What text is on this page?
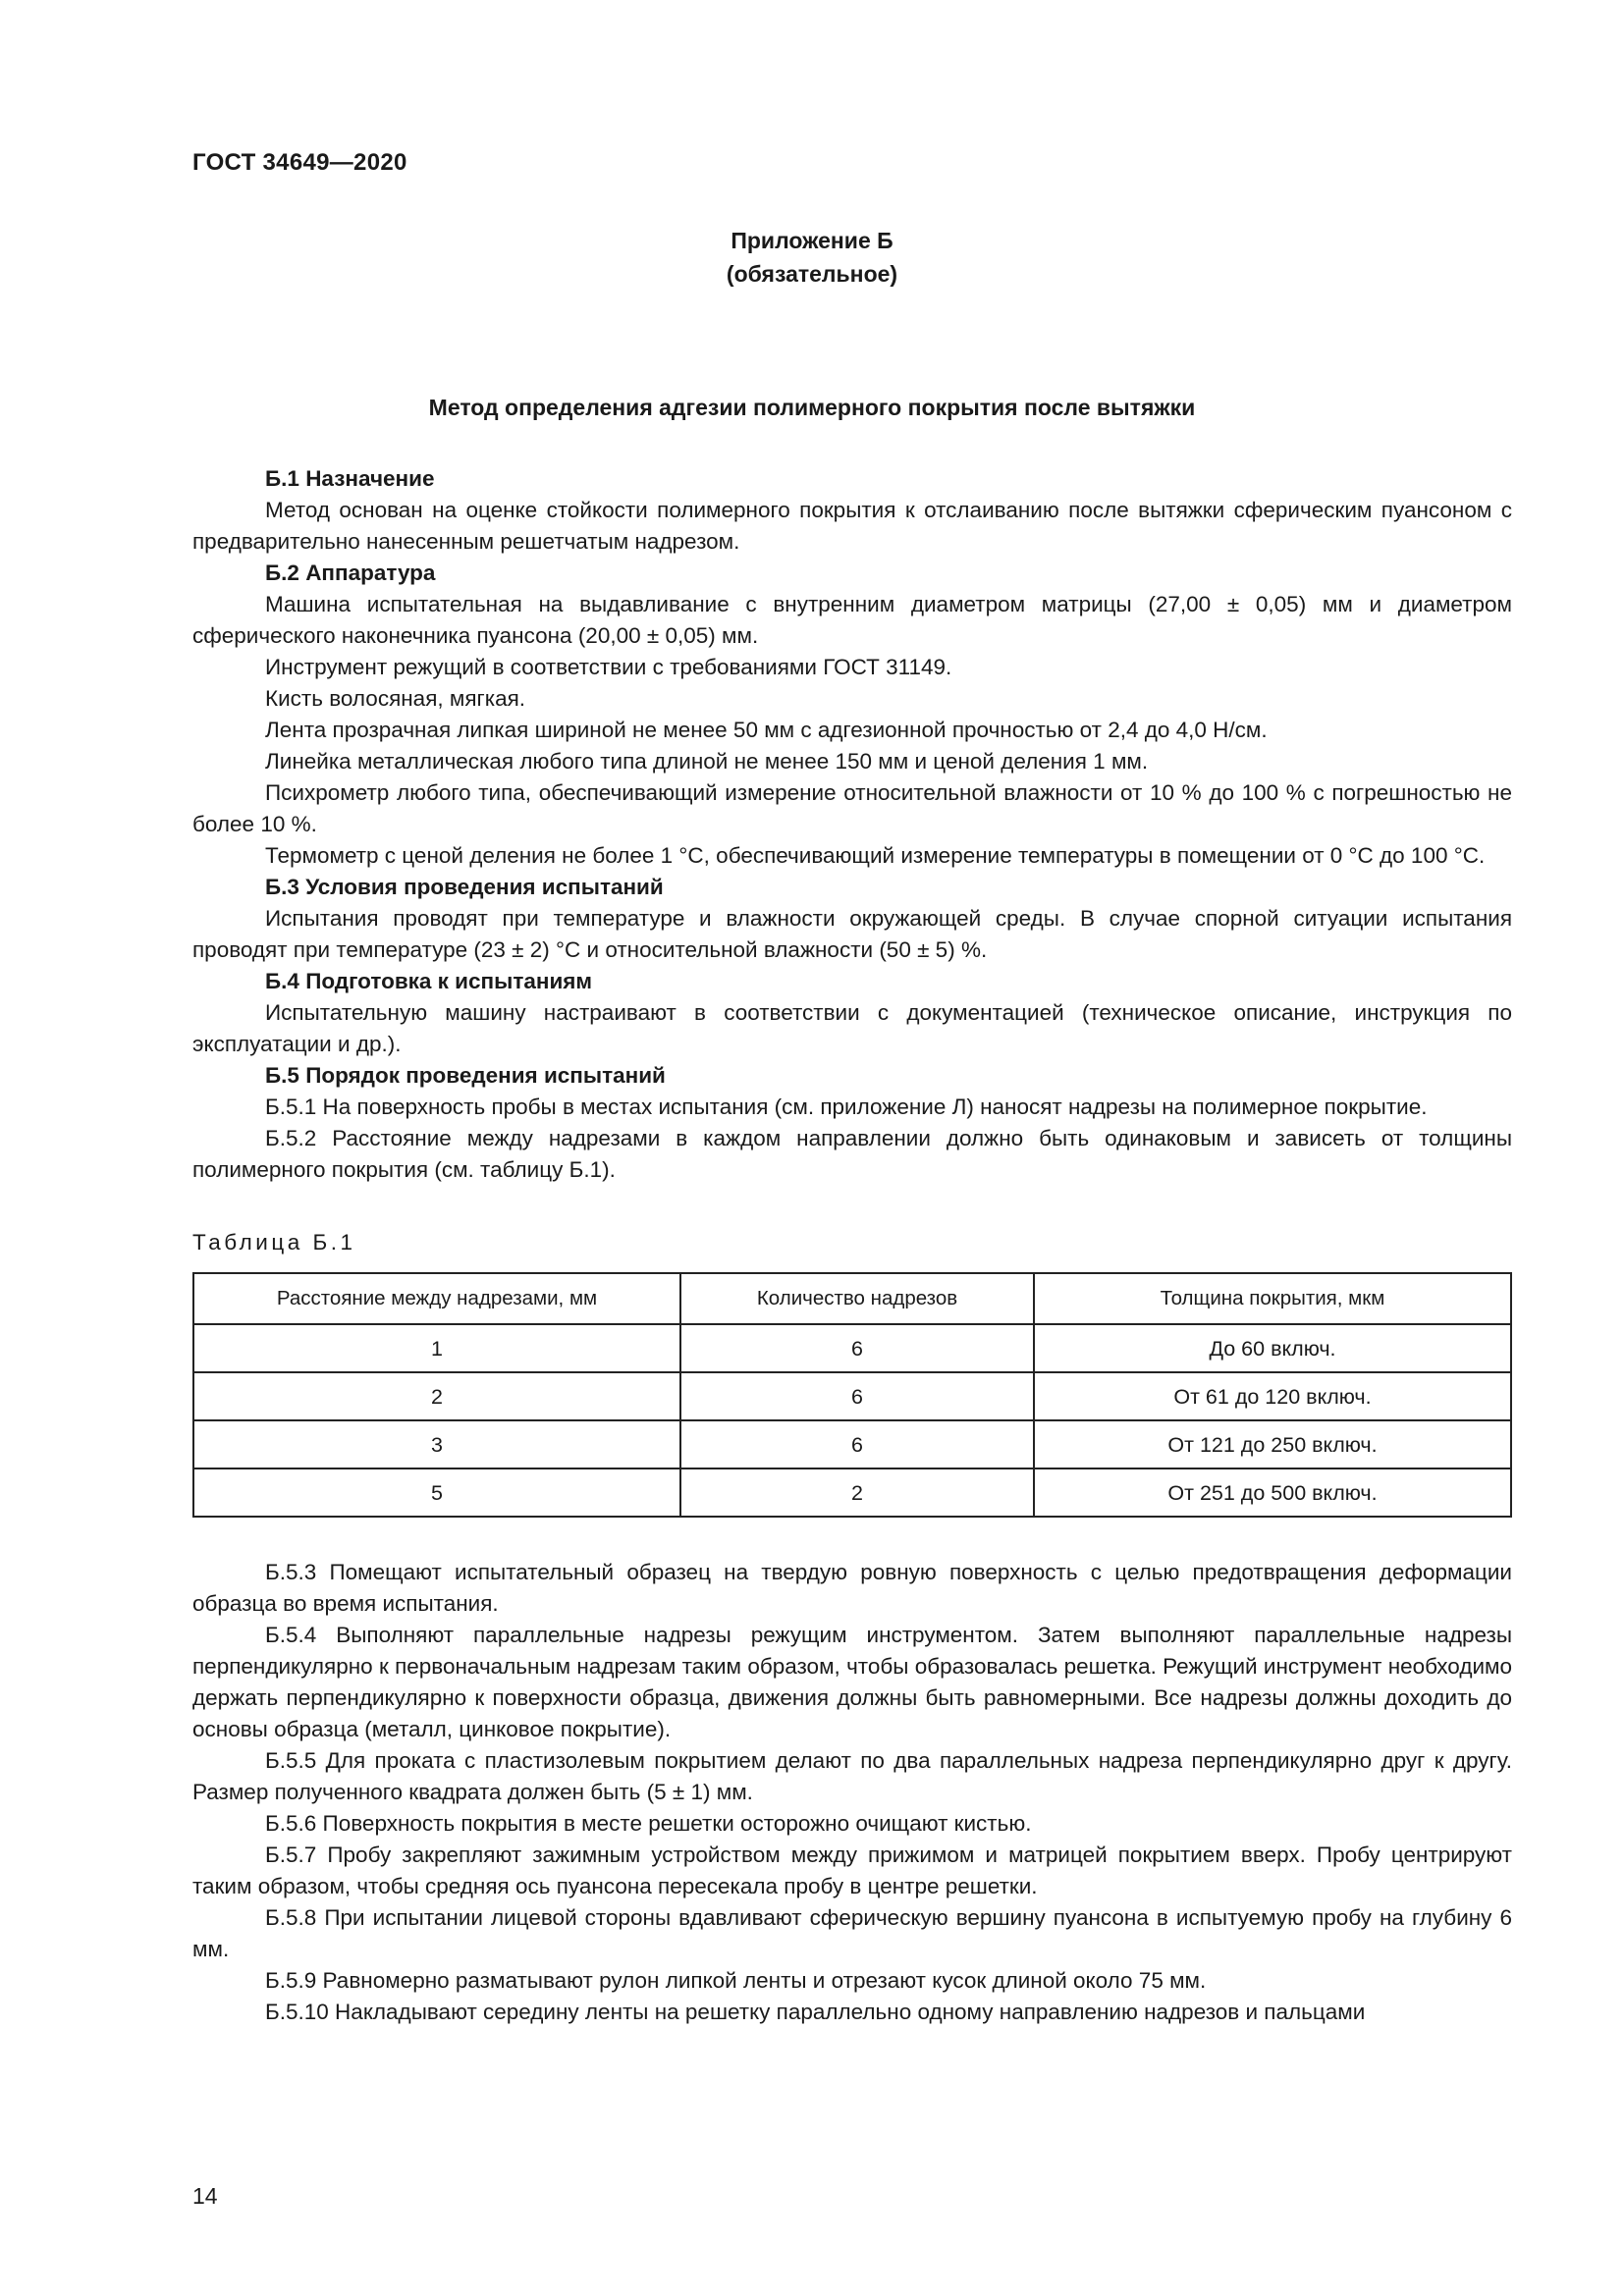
ГОСТ 34649—2020
Приложение Б
(обязательное)
Метод определения адгезии полимерного покрытия после вытяжки

Б.1 Назначение

Метод основан на оценке стойкости полимерного покрытия к отслаиванию после вытяжки сферическим пуансоном с предварительно нанесенным решетчатым надрезом.

Б.2 Аппаратура

Машина испытательная на выдавливание с внутренним диаметром матрицы (27,00 ± 0,05) мм и диаметром сферического наконечника пуансона (20,00 ± 0,05) мм.

Инструмент режущий в соответствии с требованиями ГОСТ 31149.

Кисть волосяная, мягкая.

Лента прозрачная липкая шириной не менее 50 мм с адгезионной прочностью от 2,4 до 4,0 Н/см.

Линейка металлическая любого типа длиной не менее 150 мм и ценой деления 1 мм.

Психрометр любого типа, обеспечивающий измерение относительной влажности от 10 % до 100 % с погрешностью не более 10 %.

Термометр с ценой деления не более 1 °С, обеспечивающий измерение температуры в помещении от 0 °С до 100 °С.

Б.3 Условия проведения испытаний

Испытания проводят при температуре и влажности окружающей среды. В случае спорной ситуации испытания проводят при температуре (23 ± 2) °С и относительной влажности (50 ± 5) %.

Б.4 Подготовка к испытаниям

Испытательную машину настраивают в соответствии с документацией (техническое описание, инструкция по эксплуатации и др.).

Б.5 Порядок проведения испытаний

Б.5.1 На поверхность пробы в местах испытания (см. приложение Л) наносят надрезы на полимерное покрытие.

Б.5.2 Расстояние между надрезами в каждом направлении должно быть одинаковым и зависеть от толщины полимерного покрытия (см. таблицу Б.1).

Таблица Б.1

Расстояние между надрезами, мм	Количество надрезов	Толщина покрытия, мкм
1	6	До 60 включ.
2	6	От 61 до 120 включ.
3	6	От 121 до 250 включ.
5	2	От 251 до 500 включ.

Б.5.3 Помещают испытательный образец на твердую ровную поверхность с целью предотвращения деформации образца во время испытания.

Б.5.4 Выполняют параллельные надрезы режущим инструментом. Затем выполняют параллельные надрезы перпендикулярно к первоначальным надрезам таким образом, чтобы образовалась решетка. Режущий инструмент необходимо держать перпендикулярно к поверхности образца, движения должны быть равномерными. Все надрезы должны доходить до основы образца (металл, цинковое покрытие).

Б.5.5 Для проката с пластизолевым покрытием делают по два параллельных надреза перпендикулярно друг к другу. Размер полученного квадрата должен быть (5 ± 1) мм.

Б.5.6 Поверхность покрытия в месте решетки осторожно очищают кистью.

Б.5.7 Пробу закрепляют зажимным устройством между прижимом и матрицей покрытием вверх. Пробу центрируют таким образом, чтобы средняя ось пуансона пересекала пробу в центре решетки.

Б.5.8 При испытании лицевой стороны вдавливают сферическую вершину пуансона в испытуемую пробу на глубину 6 мм.

Б.5.9 Равномерно разматывают рулон липкой ленты и отрезают кусок длиной около 75 мм.

Б.5.10 Накладывают середину ленты на решетку параллельно одному направлению надрезов и пальцами

14
